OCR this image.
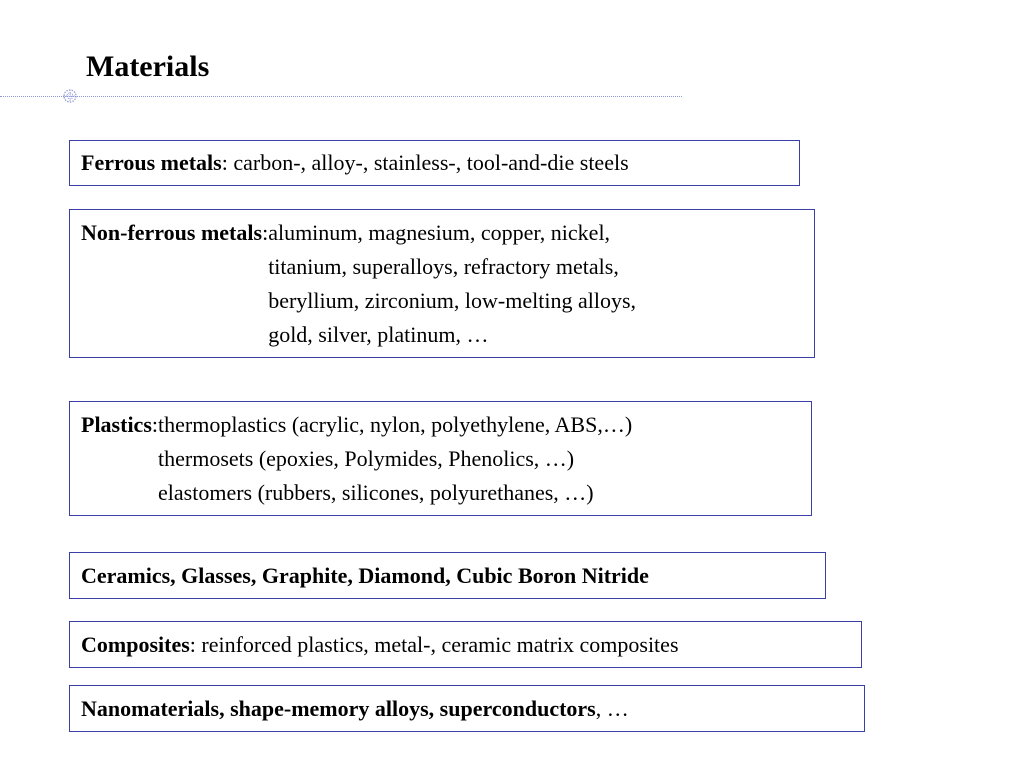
Materials
Ferrous metals: carbon-, alloy-, stainless-, tool-and-die steels
Non-ferrous metals: aluminum, magnesium, copper, nickel,
titanium, superalloys, refractory metals,
beryllium, zirconium, low-melting alloys,
gold, silver, platinum, …
Plastics: thermoplastics (acrylic, nylon, polyethylene, ABS,…)
thermosets (epoxies, Polymides, Phenolics, …)
elastomers (rubbers, silicones, polyurethanes, …)
Ceramics, Glasses, Graphite, Diamond, Cubic Boron Nitride
Composites: reinforced plastics, metal-, ceramic matrix composites
Nanomaterials, shape-memory alloys, superconductors, …
